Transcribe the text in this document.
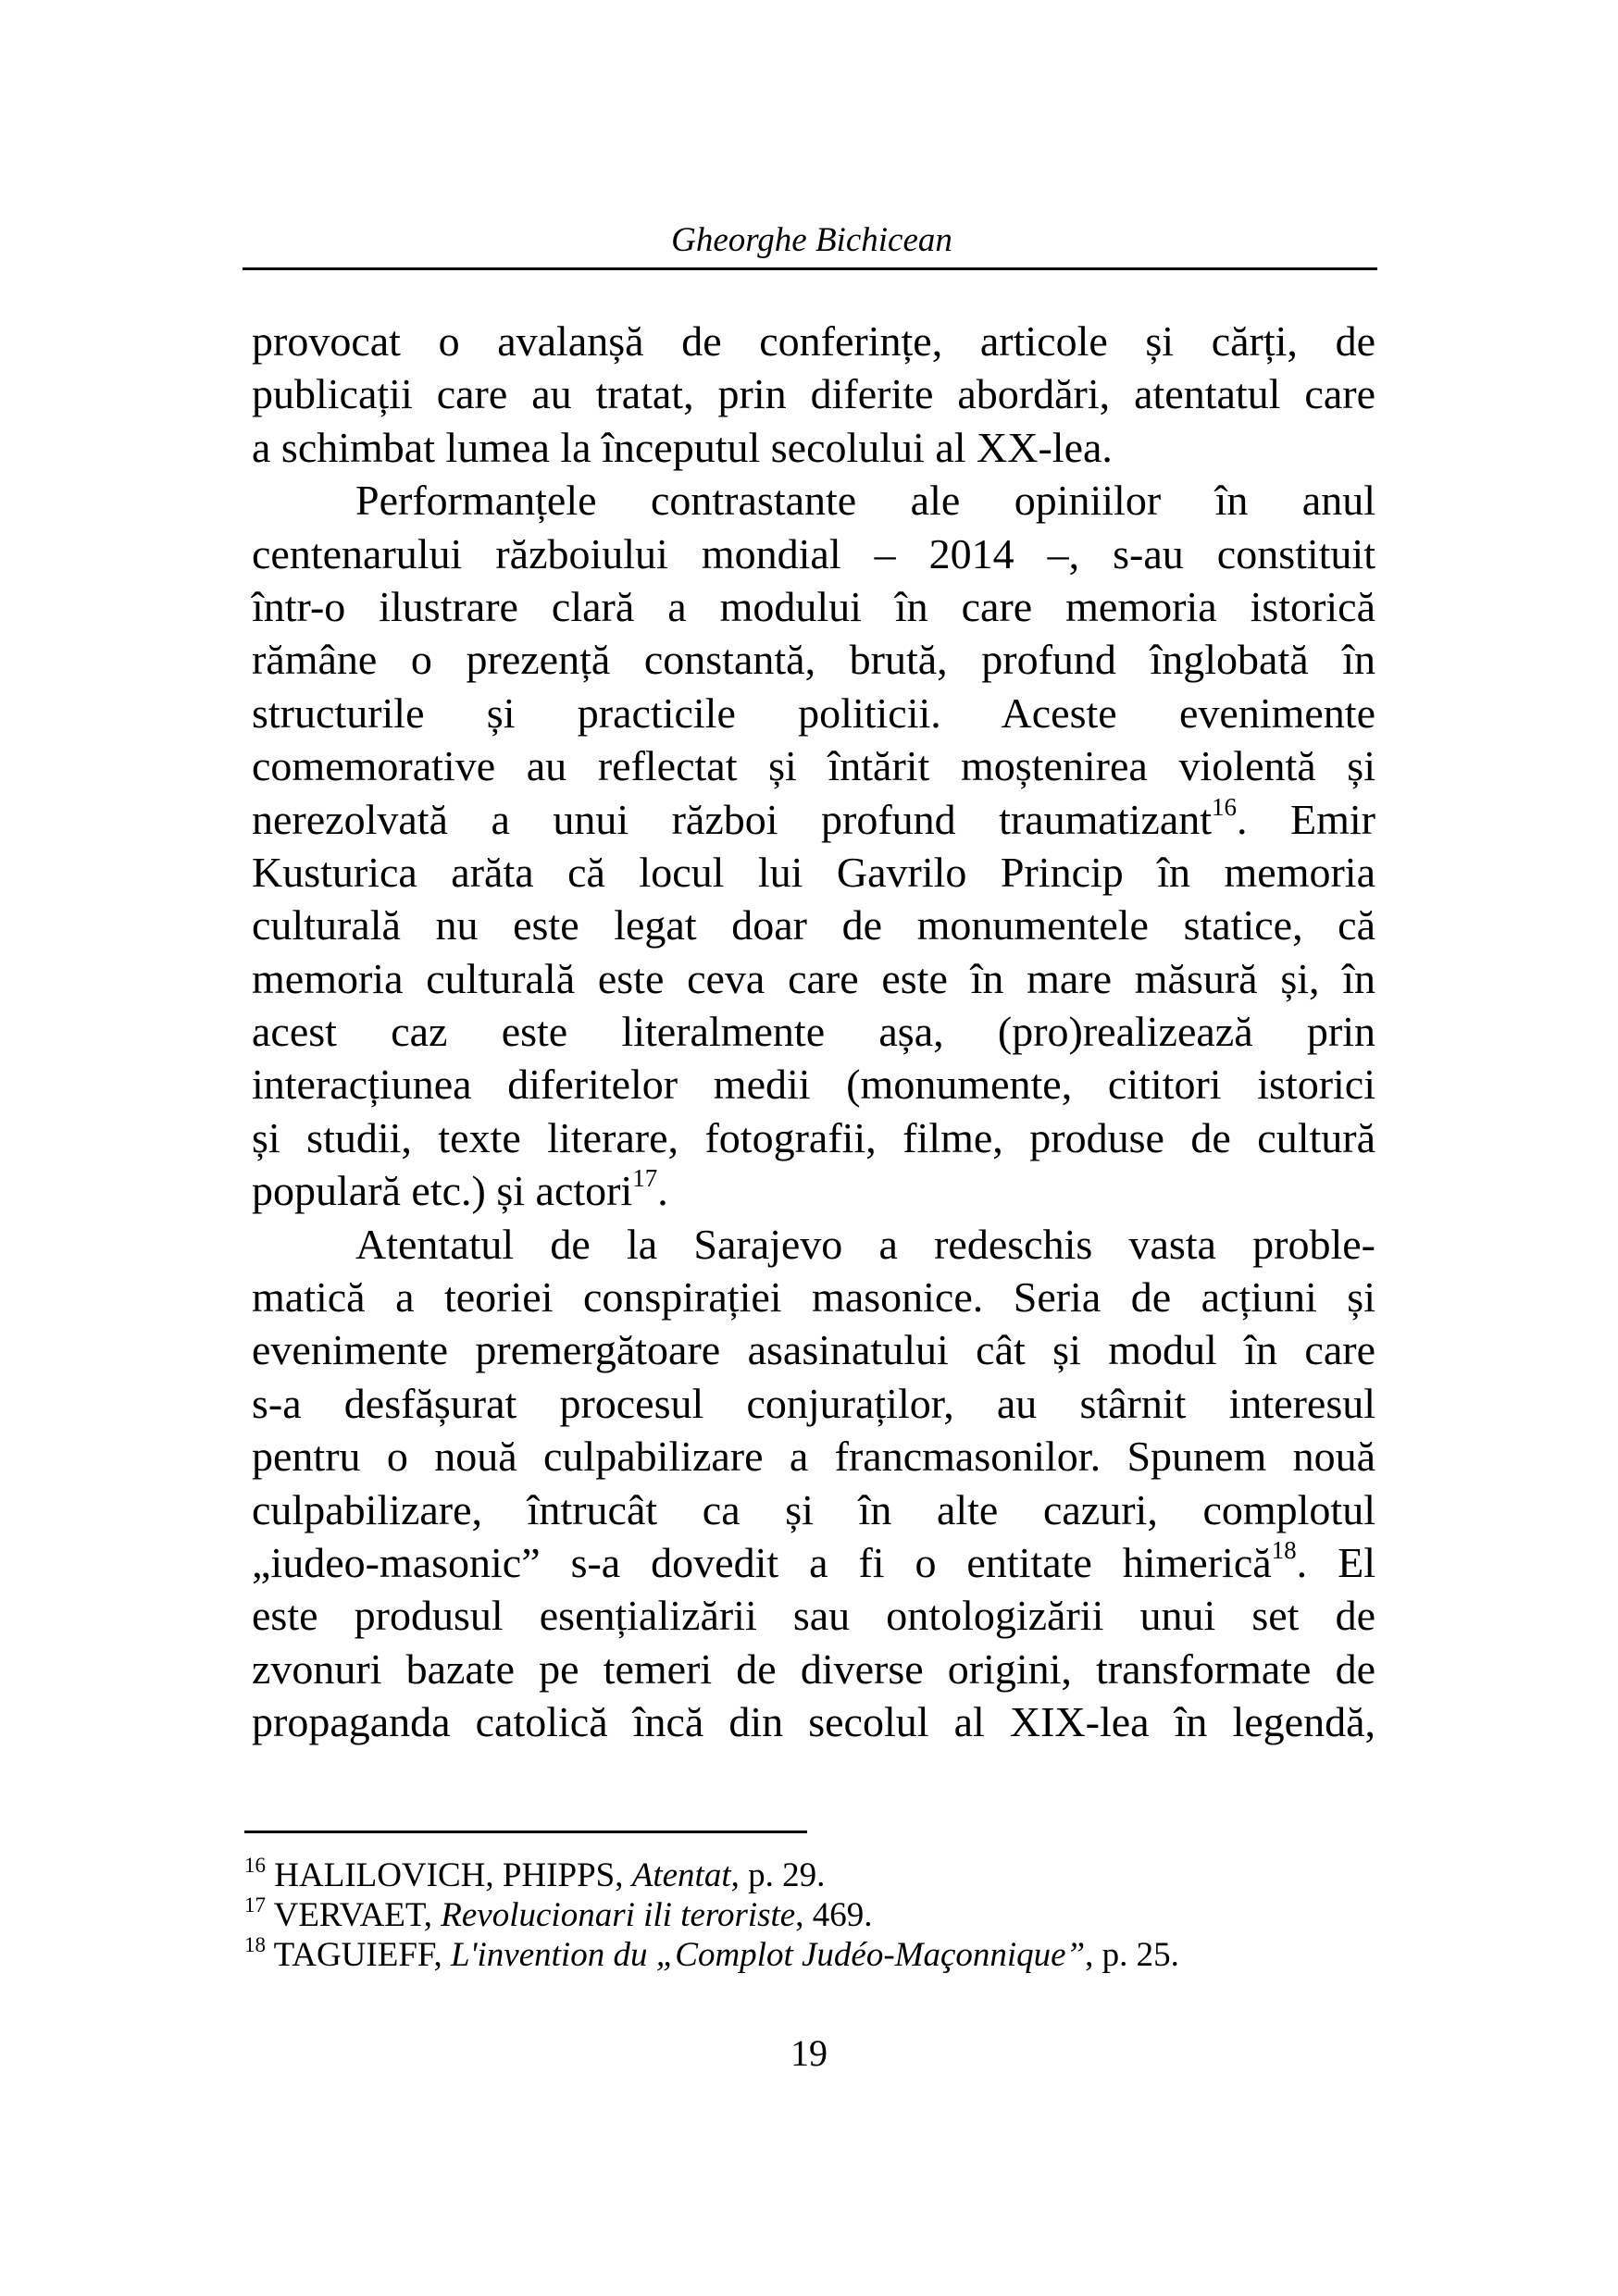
Gheorghe Bichicean
provocat o avalanșă de conferințe, articole și cărți, de
publicații care au tratat, prin diferite abordări, atentatul care
a schimbat lumea la începutul secolului al XX-lea.
Performanțele contrastante ale opiniilor în anul
centenarului războiului mondial – 2014 –, s-au constituit
într-o ilustrare clară a modului în care memoria istorică
rămâne o prezență constantă, brută, profund înglobată în
structurile și practicile politicii. Aceste evenimente
comemorative au reflectat și întărit moștenirea violentă și
nerezolvată a unui război profund traumatizant$^{16}$. Emir
Kusturica arăta că locul lui Gavrilo Princip în memoria
culturală nu este legat doar de monumentele statice, că
memoria culturală este ceva care este în mare măsură și, în
acest caz este literalmente așa, (pro)realizează prin
interacțiunea diferitelor medii (monumente, cititori istorici
și studii, texte literare, fotografii, filme, produse de cultură
populară etc.) și actori$^{17}$.
Atentatul de la Sarajevo a redeschis vasta proble-
matică a teoriei conspirației masonice. Seria de acțiuni și
evenimente premergătoare asasinatului cât și modul în care
s-a desfășurat procesul conjuraților, au stârnit interesul
pentru o nouă culpabilizare a francmasonilor. Spunem nouă
culpabilizare, întrucât ca și în alte cazuri, complotul
„iudeo-masonic” s-a dovedit a fi o entitate himerică$^{18}$. El
este produsul esențializării sau ontologizării unui set de
zvonuri bazate pe temeri de diverse origini, transformate de
propaganda catolică încă din secolul al XIX-lea în legendă,
$^{16}$ HALILOVICH, PHIPPS, Atentat, p. 29.
$^{17}$ VERVAET, Revolucionari ili teroriste, 469.
$^{18}$ TAGUIEFF, L'invention du „Complot Judéo-Maçonnique”, p. 25.
19
